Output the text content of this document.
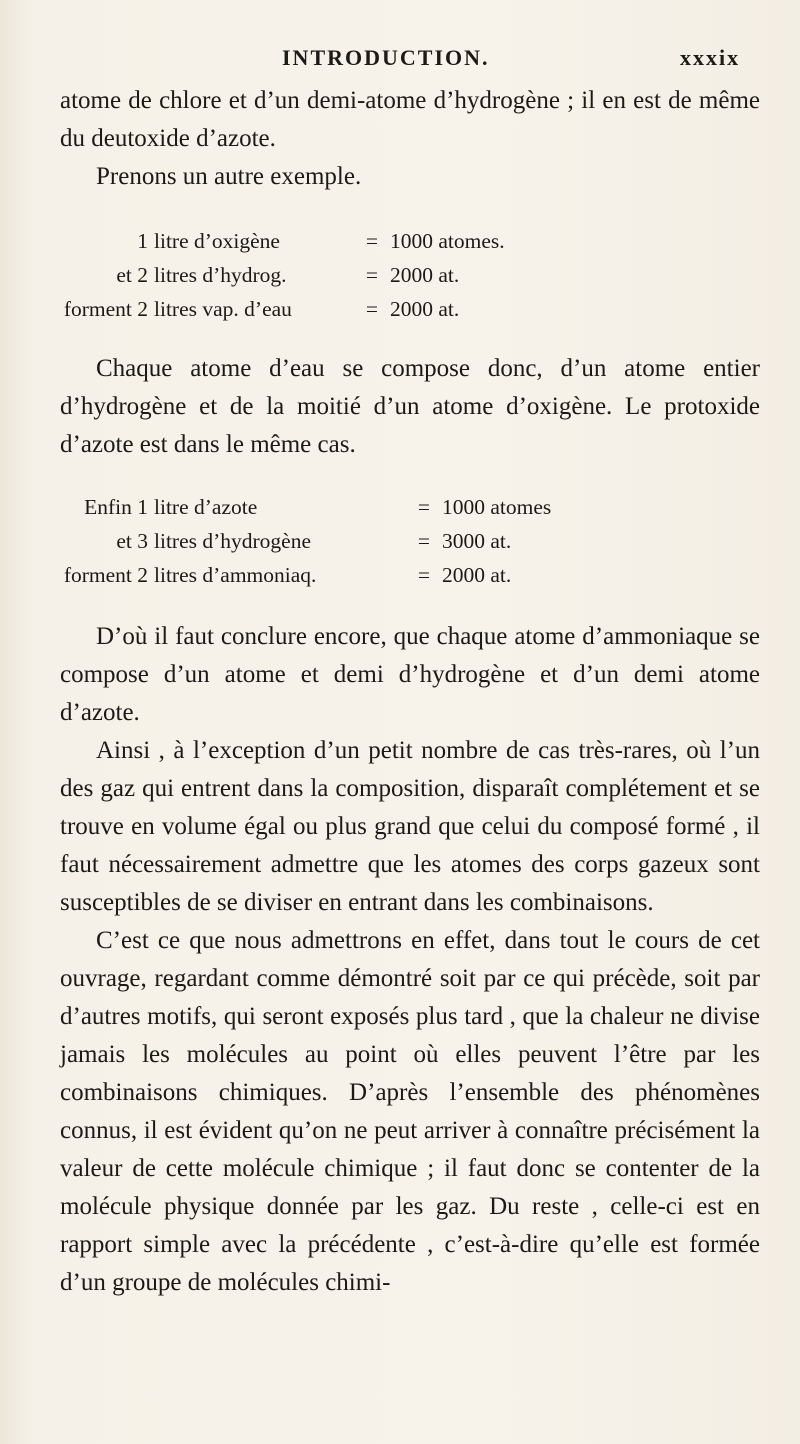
INTRODUCTION.	xxxix

atome de chlore et d’un demi-atome d’hydrogène ; il en est de même du deutoxide d’azote.

Prenons un autre exemple.

1 litre d’oxigène	= 1000 atomes.
et 2 litres d’hydrog.	= 2000 at.
forment 2 litres vap. d’eau	= 2000 at.

Chaque atome d’eau se compose donc, d’un atome entier d’hydrogène et de la moitié d’un atome d’oxigène. Le protoxide d’azote est dans le même cas.

Enfin 1 litre d’azote	= 1000 atomes
et 3 litres d’hydrogène	= 3000 at.
forment 2 litres d’ammoniaq.	= 2000 at.

D’où il faut conclure encore, que chaque atome d’ammoniaque se compose d’un atome et demi d’hydrogène et d’un demi atome d’azote.

Ainsi , à l’exception d’un petit nombre de cas très-rares, où l’un des gaz qui entrent dans la composition, disparaît complétement et se trouve en volume égal ou plus grand que celui du composé formé , il faut nécessairement admettre que les atomes des corps gazeux sont susceptibles de se diviser en entrant dans les combinaisons.

C’est ce que nous admettrons en effet, dans tout le cours de cet ouvrage, regardant comme démontré soit par ce qui précède, soit par d’autres motifs, qui seront exposés plus tard , que la chaleur ne divise jamais les molécules au point où elles peuvent l’être par les combinaisons chimiques. D’après l’ensemble des phénomènes connus, il est évident qu’on ne peut arriver à connaître précisément la valeur de cette molécule chimique ; il faut donc se contenter de la molécule physique donnée par les gaz. Du reste , celle-ci est en rapport simple avec la précédente , c’est-à-dire qu’elle est formée d’un groupe de molécules chimi-
